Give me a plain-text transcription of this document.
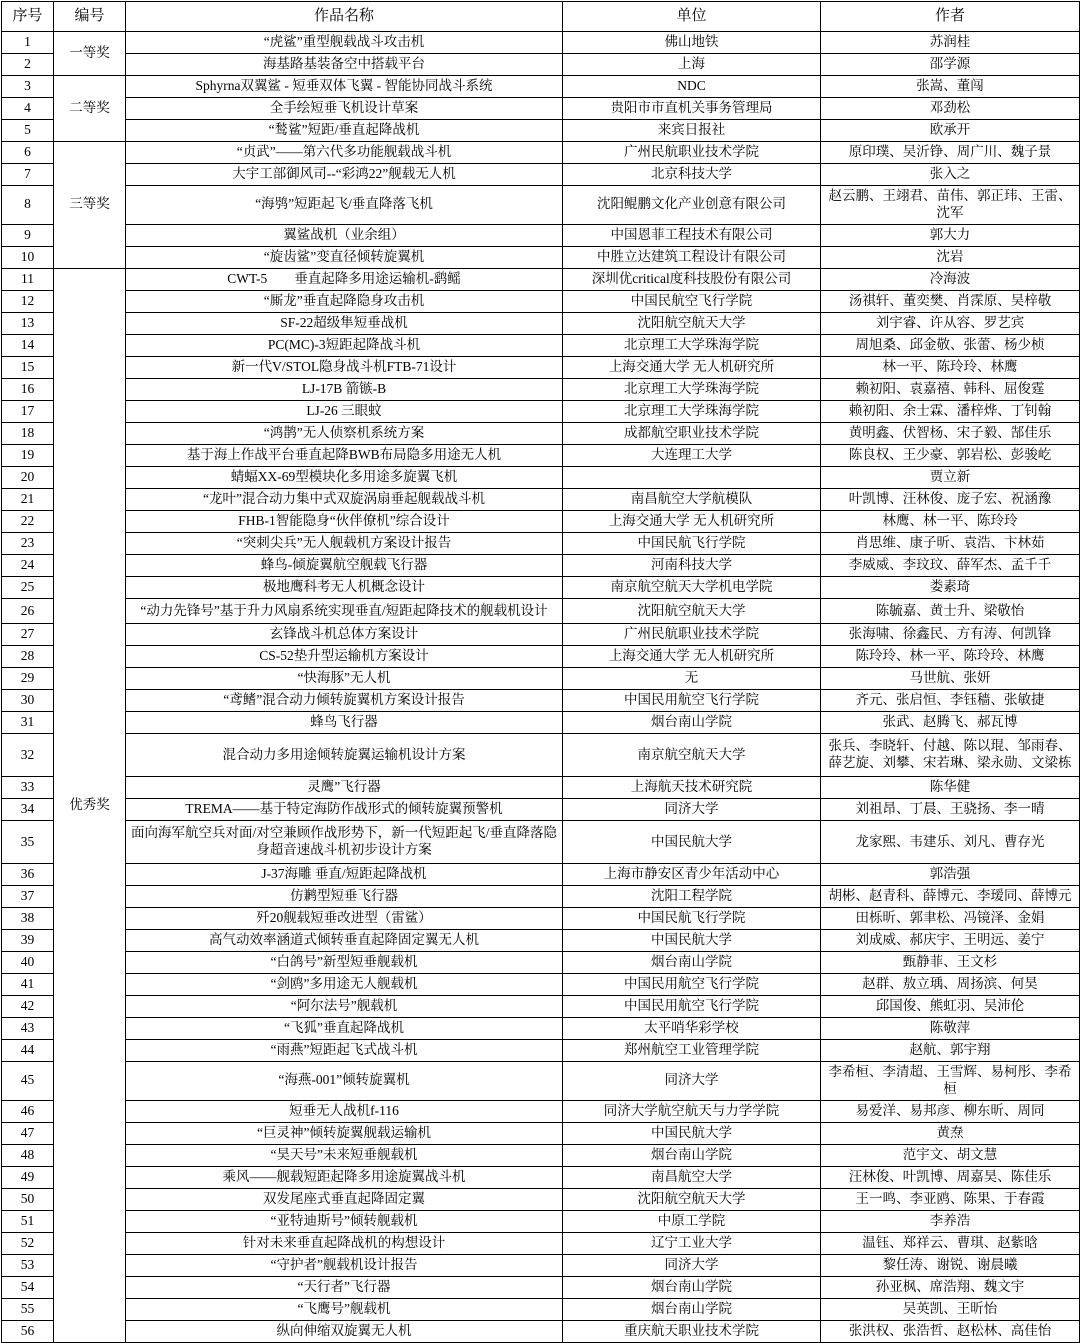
序号	编号	作品名称	单位	作者
1	一等奖	“虎鲨”重型舰载战斗攻击机	佛山地铁	苏润桂
2		海基路基装备空中搭载平台	上海	邵学源
3	二等奖	Sphyrna双翼鲨 - 短垂双体飞翼 - 智能协同战斗系统	NDC	张嵩、董闯
4		全手绘短垂飞机设计草案	贵阳市市直机关事务管理局	邓劲松
5		“鹙鲨”短距/垂直起降战机	来宾日报社	欧承开
6	三等奖	“贞武”——第六代多功能舰载战斗机	广州民航职业技术学院	原印璞、吴沂铮、周广川、魏子景
7		大宇工部御风司--“彩鸿22”舰载无人机	北京科技大学	张入之
8		“海鸮”短距起飞/垂直降落飞机	沈阳鲲鹏文化产业创意有限公司	赵云鹏、王翊君、苗伟、郭正玮、王雷、沈军
9		翼鲨战机（业余组）	中国恩菲工程技术有限公司	郭大力
10		“旋齿鲨”变直径倾转旋翼机	中胜立达建筑工程设计有限公司	沈岩
11	优秀奖	CWT-5　　垂直起降多用途运输机-鹞鳐	深圳优critical度科技股份有限公司	冷海波
12		“厮龙”垂直起降隐身攻击机	中国民航空飞行学院	汤祺轩、董奕樊、肖霂原、吴梓敬
13		SF-22超级隼短垂战机	沈阳航空航天大学	刘宇睿、许从容、罗艺宾
14		PC(MC)-3短距起降战斗机	北京理工大学珠海学院	周旭桑、邱金敬、张蕾、杨少桢
15		新一代V/STOL隐身战斗机FTB-71设计	上海交通大学 无人机研究所	林一平、陈玲玲、林鹰
16		LJ-17B 箭镞-B	北京理工大学珠海学院	赖初阳、袁嘉禧、韩科、屈俊霆
17		LJ-26 三眼蚊	北京理工大学珠海学院	赖初阳、余士霖、潘梓烨、丁钊翰
18		“鸿鹊”无人侦察机系统方案	成都航空职业技术学院	黄明鑫、伏智杨、宋子毅、郜佳乐
19		基于海上作战平台垂直起降BWB布局隐多用途无人机	大连理工大学	陈良权、王少豪、郭岩松、彭骏屹
20		蜻蝠XX-69型模块化多用途多旋翼飞机		贾立新
21		“龙叶”混合动力集中式双旋涡扇垂起舰载战斗机	南昌航空大学航模队	叶凯博、汪林俊、庞子宏、祝涵豫
22		FHB-1智能隐身“伙伴僚机”综合设计	上海交通大学 无人机研究所	林鹰、林一平、陈玲玲
23		“突刺尖兵”无人舰载机方案设计报告	中国民航飞行学院	肖思维、康子昕、袁浩、卞林茹
24		蜂鸟-倾旋翼航空舰载飞行器	河南科技大学	李威威、李玟玟、薛军杰、孟千千
25		极地鹰科考无人机概念设计	南京航空航天大学机电学院	娄素琦
26		“动力先锋号”基于升力风扇系统实现垂直/短距起降技术的舰载机设计	沈阳航空航天大学	陈毓嘉、黄士升、梁敬怡
27		玄锋战斗机总体方案设计	广州民航职业技术学院	张海啸、徐鑫民、方有涛、何凯锋
28		CS-52垫升型运输机方案设计	上海交通大学 无人机研究所	陈玲玲、林一平、陈玲玲、林鹰
29		“快海豚”无人机	无	马世航、张妍
30		“鸢鳍”混合动力倾转旋翼机方案设计报告	中国民用航空飞行学院	齐元、张启恒、李钰穑、张敏捷
31		蜂鸟飞行器	烟台南山学院	张武、赵腾飞、郝瓦博
32		混合动力多用途倾转旋翼运输机设计方案	南京航空航天大学	张兵、李晓轩、付越、陈以琨、邹雨春、薛艺旋、刘攀、宋若琳、梁永勋、文梁栋
33		灵鹰”飞行器	上海航天技术研究院	陈华健
34		TREMA——基于特定海防作战形式的倾转旋翼预警机	同济大学	刘祖昂、丁晨、王骁扬、李一晴
35		面向海军航空兵对面/对空兼顾作战形势下，新一代短距起飞/垂直降落隐身超音速战斗机初步设计方案	中国民航大学	龙家熙、韦建乐、刘凡、曹存光
36		J-37海雕 垂直/短距起降战机	上海市静安区青少年活动中心	郭浩强
37		仿鹣型短垂飞行器	沈阳工程学院	胡彬、赵青科、薛博元、李瑷同、薛博元
38		歼20舰载短垂改进型（雷鲨）	中国民航飞行学院	田栎昕、郭聿松、冯镜泽、金娟
39		高气动效率涵道式倾转垂直起降固定翼无人机	中国民航大学	刘成威、郝庆宇、王明远、姜宁
40		“白鸽号”新型短垂舰载机	烟台南山学院	甄静菲、王文杉
41		“剑鸥”多用途无人舰载机	中国民用航空飞行学院	赵群、敖立瑀、周扬滨、何昊
42		“阿尔法号”舰载机	中国民用航空飞行学院	邱国俊、熊虹羽、吴沛伦
43		“飞狐”垂直起降战机	太平哨华彩学校	陈敬萍
44		“雨燕”短距起飞式战斗机	郑州航空工业管理学院	赵航、郭宇翔
45		“海燕-001”倾转旋翼机	同济大学	李希桓、李清超、王雪辉、易柯彤、李希桓
46		短垂无人战机f-116	同济大学航空航天与力学学院	易爱洋、易邦彦、柳东昕、周同
47		“巨灵神”倾转旋翼舰载运输机	中国民航大学	黄焘
48		“昊天号”未来短垂舰载机	烟台南山学院	范宇文、胡文慧
49		乘风——舰载短距起降多用途旋翼战斗机	南昌航空大学	汪林俊、叶凯博、周嘉昊、陈佳乐
50		双发尾座式垂直起降固定翼	沈阳航空航天大学	王一鸣、李亚鸥、陈果、于春霞
51		“亚特迪斯号”倾转舰载机	中原工学院	李养浩
52		针对未来垂直起降战机的构想设计	辽宁工业大学	温钰、郑祥云、曹琪、赵紫晗
53		“守护者”舰载机设计报告	同济大学	黎任涛、谢锐、谢晨曦
54		“天行者”飞行器	烟台南山学院	孙亚枫、席浩翔、魏文宇
55		“飞鹰号”舰载机	烟台南山学院	吴英凯、王昕怡
56		纵向伸缩双旋翼无人机	重庆航天职业技术学院	张洪权、张浩哲、赵松林、高佳怡
